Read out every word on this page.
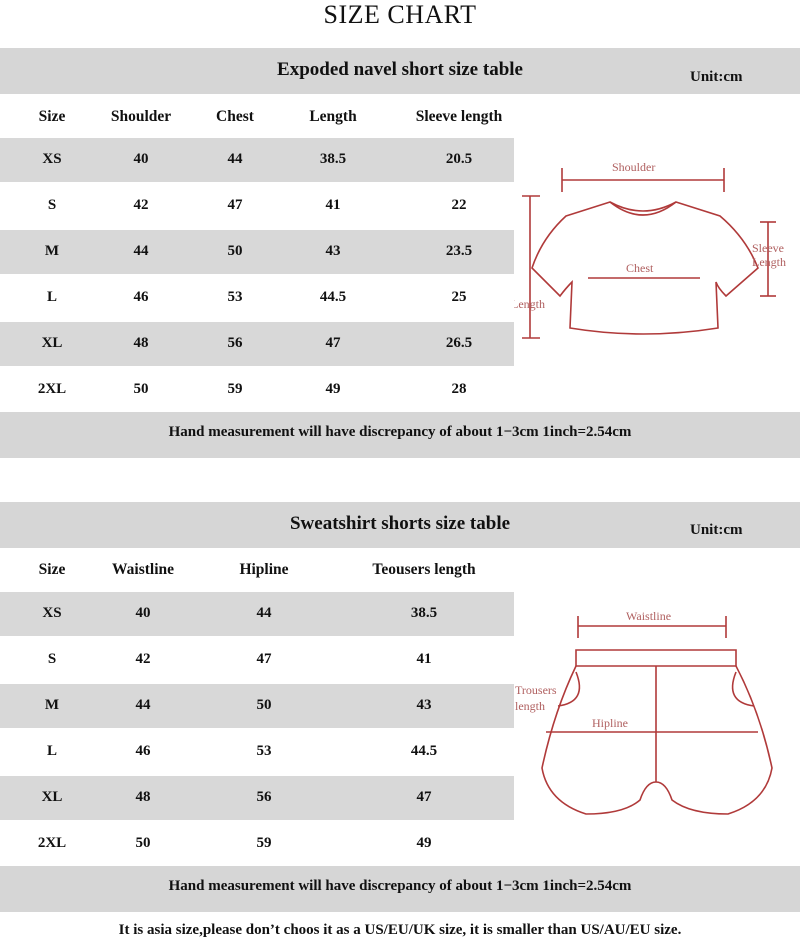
SIZE CHART
Expoded navel short size table	Unit:cm
Size	Shoulder	Chest	Length	Sleeve length
XS	40	44	38.5	20.5
S	42	47	41	22
M	44	50	43	23.5
L	46	53	44.5	25
XL	48	56	47	26.5
2XL	50	59	49	28
Hand measurement will have discrepancy of about 1−3cm 1inch=2.54cm
Shoulder
Chest
Length
Sleeve
Length
Sweatshirt shorts size table	Unit:cm
Size	Waistline	Hipline	Teousers length
XS	40	44	38.5
S	42	47	41
M	44	50	43
L	46	53	44.5
XL	48	56	47
2XL	50	59	49
Hand measurement will have discrepancy of about 1−3cm 1inch=2.54cm
Waistline
Hipline
Trousers
length
It is asia size,please don’t choos it as a US/EU/UK size, it is smaller than US/AU/EU size.
